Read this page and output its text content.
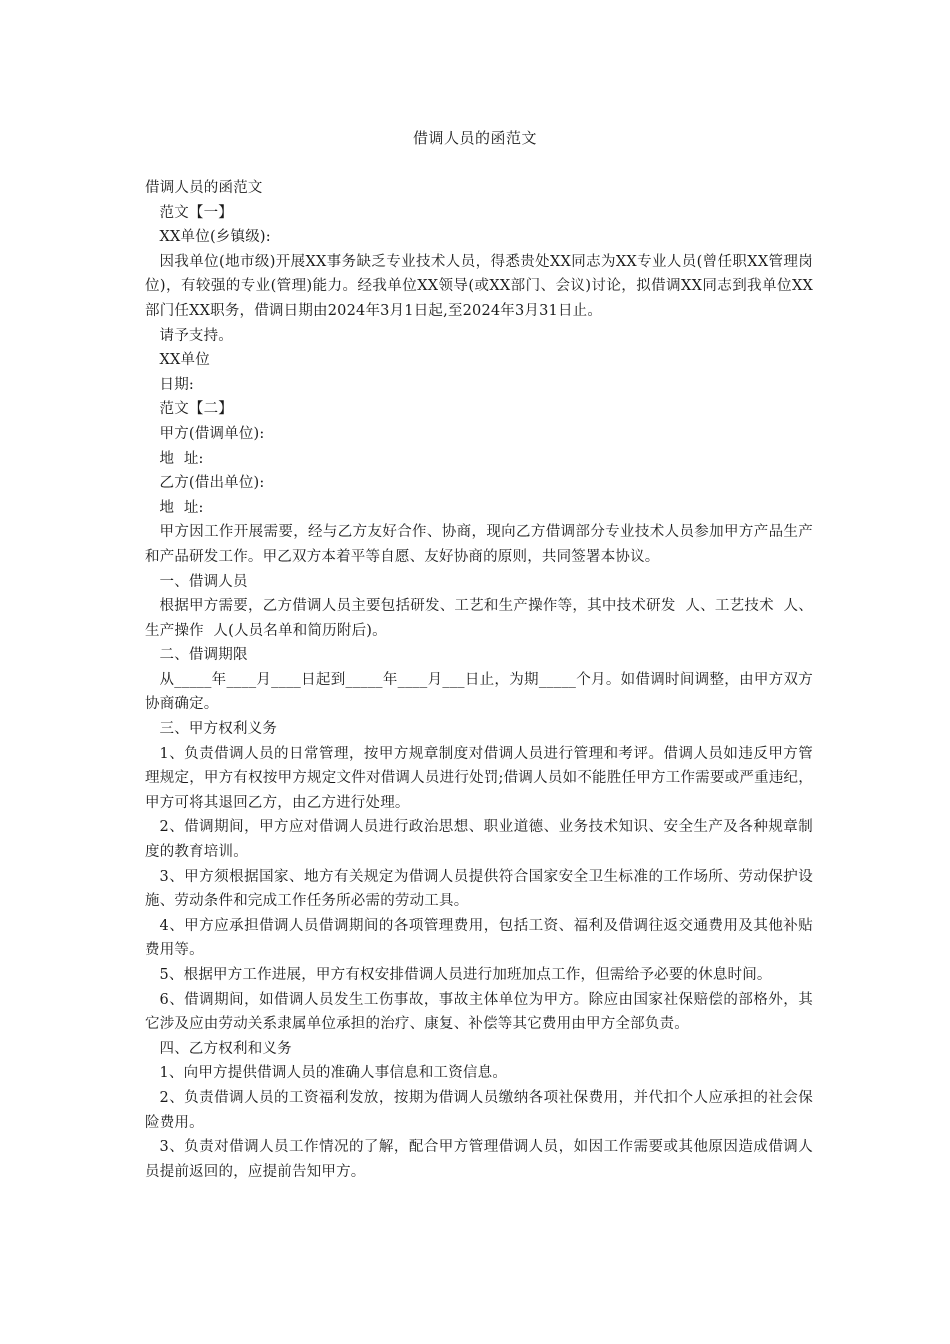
借调人员的函范文

借调人员的函范文

范文【一】

XX单位(乡镇级):

因我单位(地市级)开展XX事务缺乏专业技术人员，得悉贵处XX同志为XX专业人员(曾任职XX管理岗位)，有较强的专业(管理)能力。经我单位XX领导(或XX部门、会议)讨论，拟借调XX同志到我单位XX部门任XX职务，借调日期由2024年3月1日起,至2024年3月31日止。

请予支持。

XX单位

日期:

范文【二】

甲方(借调单位):

地  址:

乙方(借出单位):

地  址:

甲方因工作开展需要，经与乙方友好合作、协商，现向乙方借调部分专业技术人员参加甲方产品生产和产品研发工作。甲乙双方本着平等自愿、友好协商的原则，共同签署本协议。

一、借调人员

根据甲方需要，乙方借调人员主要包括研发、工艺和生产操作等，其中技术研发  人、工艺技术  人、生产操作  人(人员名单和简历附后)。

二、借调期限

从_____年____月____日起到_____年____月___日止，为期_____个月。如借调时间调整，由甲方双方协商确定。

三、甲方权利义务

1、负责借调人员的日常管理，按甲方规章制度对借调人员进行管理和考评。借调人员如违反甲方管理规定，甲方有权按甲方规定文件对借调人员进行处罚;借调人员如不能胜任甲方工作需要或严重违纪，甲方可将其退回乙方，由乙方进行处理。

2、借调期间，甲方应对借调人员进行政治思想、职业道德、业务技术知识、安全生产及各种规章制度的教育培训。

3、甲方须根据国家、地方有关规定为借调人员提供符合国家安全卫生标准的工作场所、劳动保护设施、劳动条件和完成工作任务所必需的劳动工具。

4、甲方应承担借调人员借调期间的各项管理费用，包括工资、福利及借调往返交通费用及其他补贴费用等。

5、根据甲方工作进展，甲方有权安排借调人员进行加班加点工作，但需给予必要的休息时间。

6、借调期间，如借调人员发生工伤事故，事故主体单位为甲方。除应由国家社保赔偿的部格外，其它涉及应由劳动关系隶属单位承担的治疗、康复、补偿等其它费用由甲方全部负责。

四、乙方权利和义务

1、向甲方提供借调人员的准确人事信息和工资信息。

2、负责借调人员的工资福利发放，按期为借调人员缴纳各项社保费用，并代扣个人应承担的社会保险费用。

3、负责对借调人员工作情况的了解，配合甲方管理借调人员，如因工作需要或其他原因造成借调人员提前返回的，应提前告知甲方。
